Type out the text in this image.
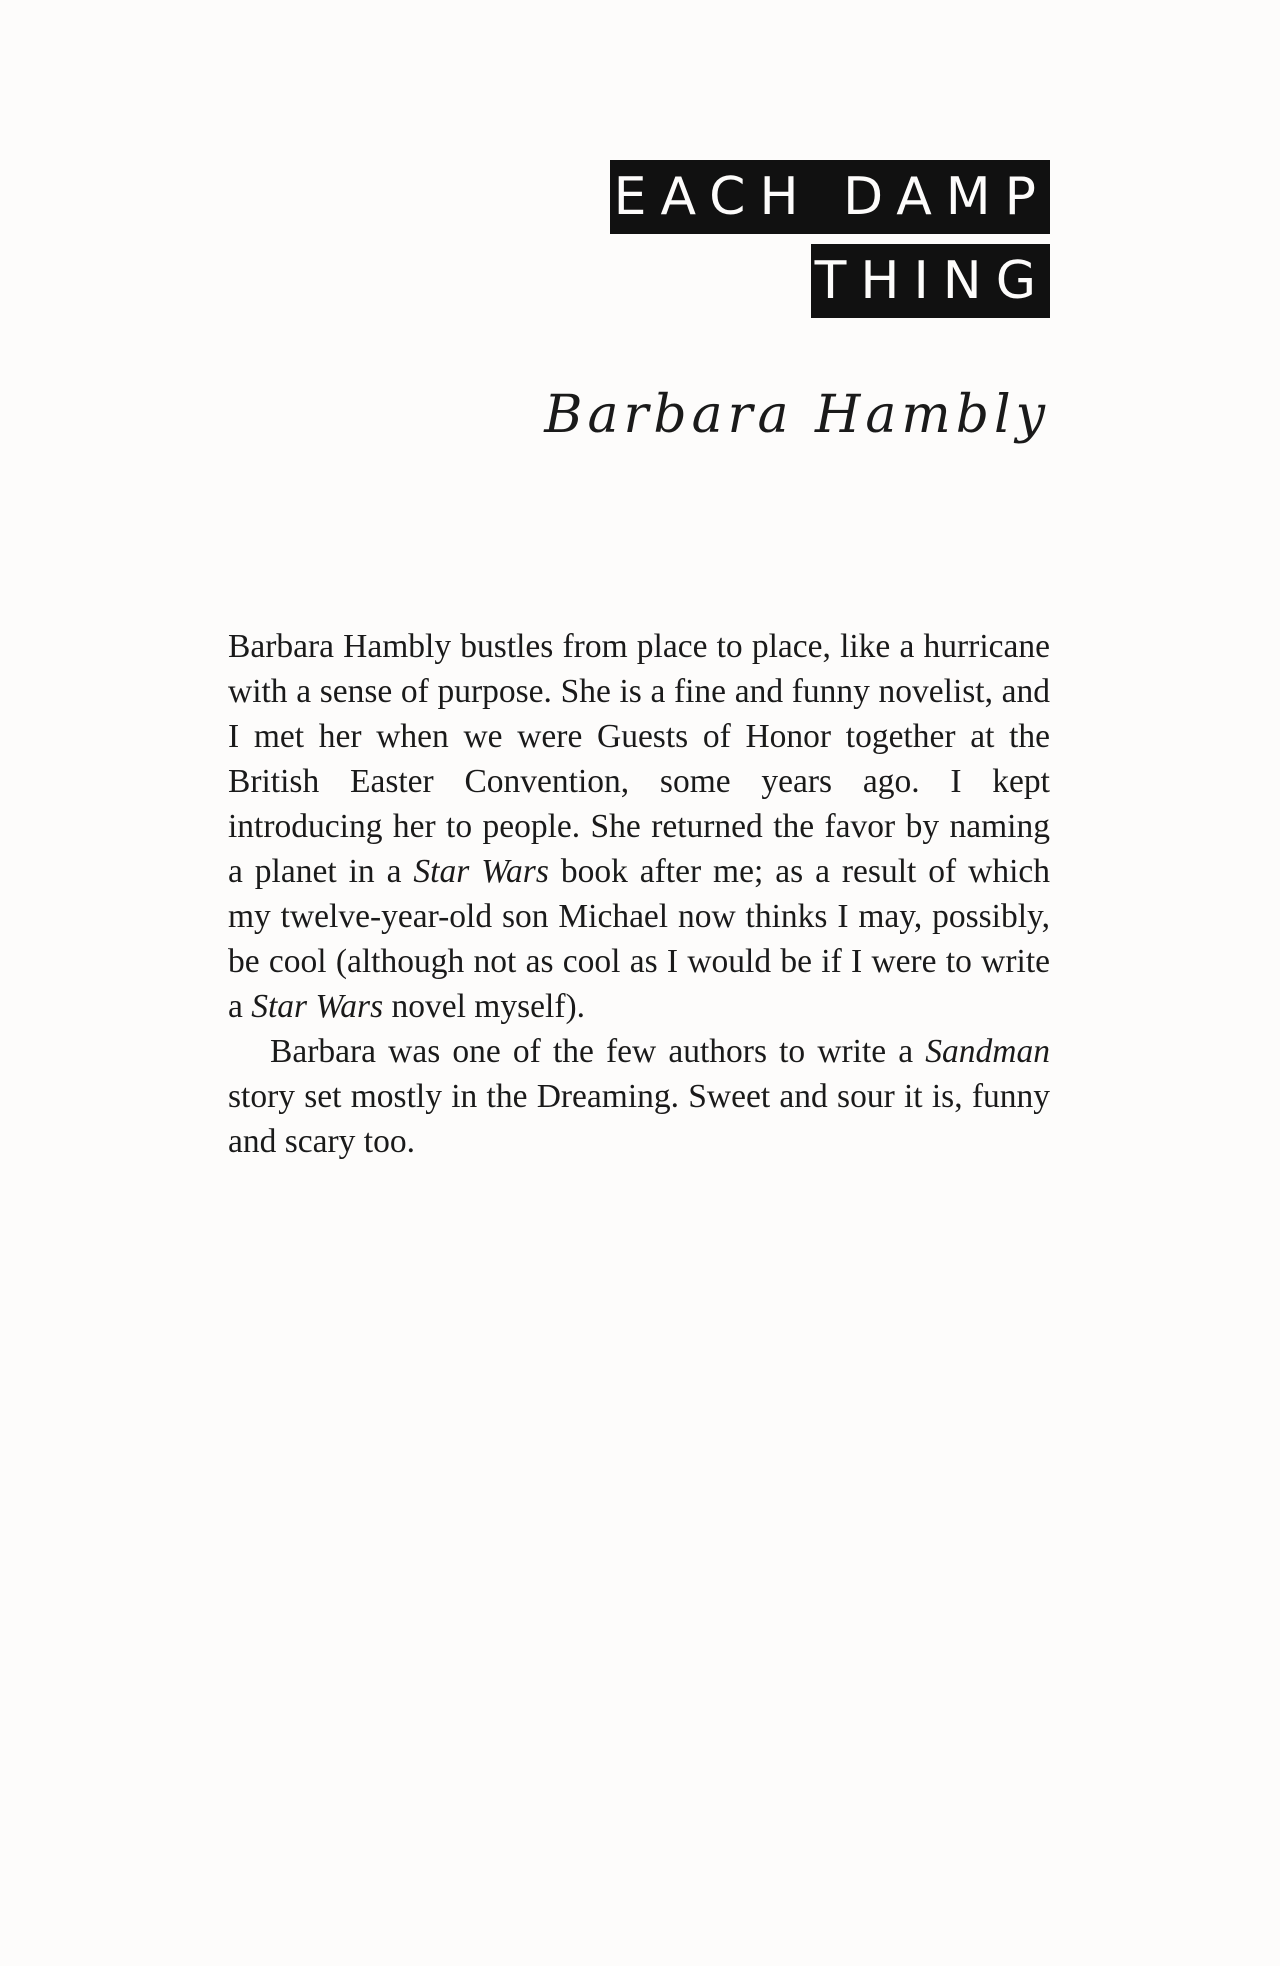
EACH DAMP
THING
Barbara Hambly

Barbara Hambly bustles from place to place, like a hurricane with a sense of purpose. She is a fine and funny novelist, and I met her when we were Guests of Honor together at the British Easter Convention, some years ago. I kept introducing her to people. She returned the favor by naming a planet in a Star Wars book after me; as a result of which my twelve-year-old son Michael now thinks I may, possibly, be cool (although not as cool as I would be if I were to write a Star Wars novel myself).

Barbara was one of the few authors to write a Sandman story set mostly in the Dreaming. Sweet and sour it is, funny and scary too.
